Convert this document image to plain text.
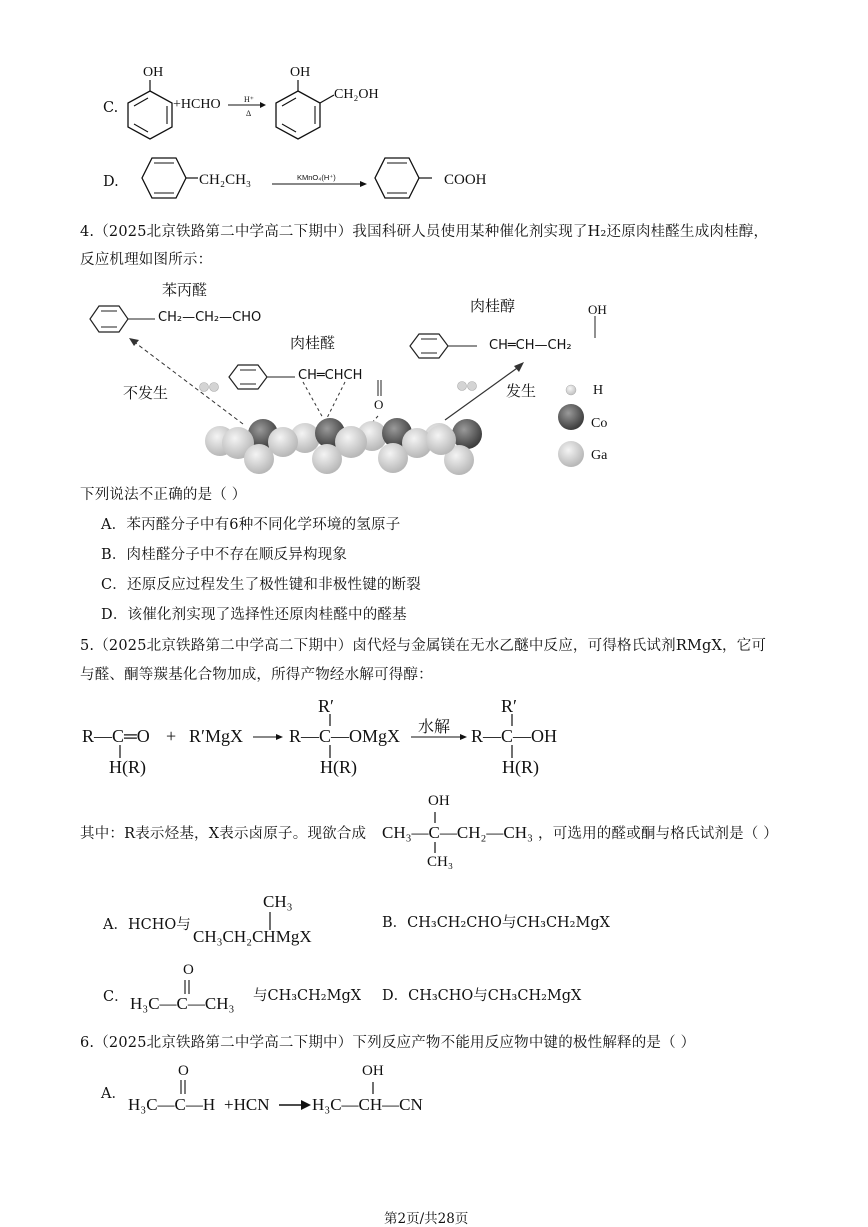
C.
OH
+HCHO	H⁺
Δ
OH
CH₂OH
D.	CH₂CH₃	KMnO₄(H⁺)	COOH
4.（2025北京铁路第二中学高二下期中）我国科研人员使用某种催化剂实现了H₂还原肉桂醛生成肉桂醇，
反应机理如图所示：
苯丙醛
CH₂—CH₂—CHO
肉桂醛
CH═CHCH
O
肉桂醇
CH═CH—CH₂
OH
不发生	发生	H
Co
Ga
下列说法不正确的是（ ）
A．苯丙醛分子中有6种不同化学环境的氢原子
B．肉桂醛分子中不存在顺反异构现象
C．还原反应过程发生了极性键和非极性键的断裂
D．该催化剂实现了选择性还原肉桂醛中的醛基
5.（2025北京铁路第二中学高二下期中）卤代烃与金属镁在无水乙醚中反应，可得格氏试剂RMgX，它可
与醛、酮等羰基化合物加成，所得产物经水解可得醇：
R—C═O
H(R)
+ R′MgX
R′
R—C—OMgX
H(R)
水解
R′
R—C—OH
H(R)
其中：R表示烃基，X表示卤原子。现欲合成
OH
CH₃—C—CH₂—CH₃
CH₃
，可选用的醛或酮与格氏试剂是（ ）
A．HCHO与
CH₃
CH₃CH₂CHMgX
B．CH₃CH₂CHO与CH₃CH₂MgX
C．
O
H₃C—C—CH₃ 与CH₃CH₂MgX D．CH₃CHO与CH₃CH₂MgX
6.（2025北京铁路第二中学高二下期中）下列反应产物不能用反应物中键的极性解释的是（ ）
A．
O
H₃C—C—H +HCN
OH
H₃C—CH—CN
第2页/共28页
